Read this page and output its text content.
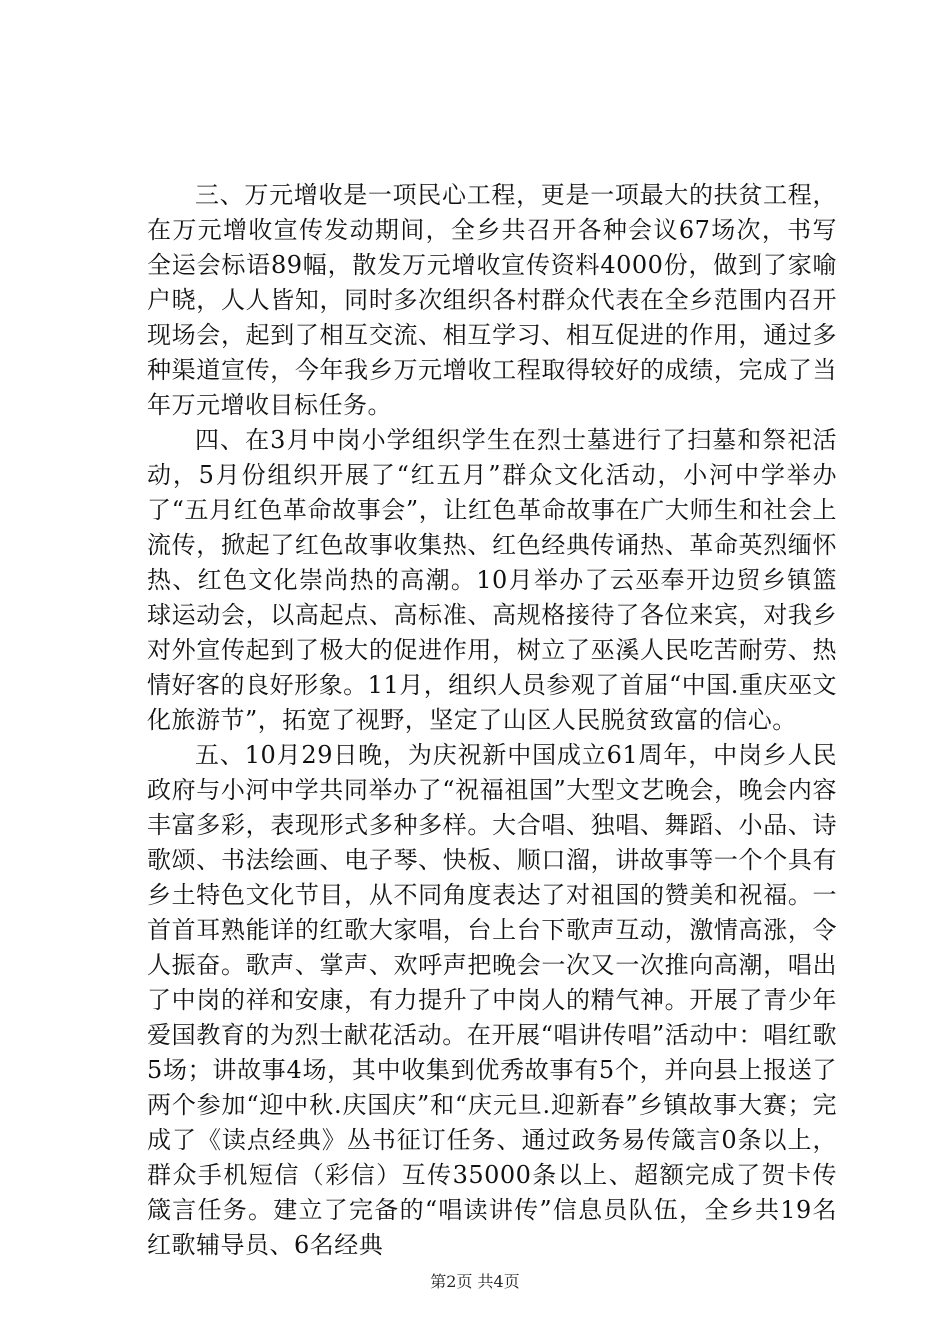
三、万元增收是一项民心工程，更是一项最大的扶贫工程，在万元增收宣传发动期间，全乡共召开各种会议67场次，书写全运会标语89幅，散发万元增收宣传资料4000份，做到了家喻户晓，人人皆知，同时多次组织各村群众代表在全乡范围内召开现场会，起到了相互交流、相互学习、相互促进的作用，通过多种渠道宣传，今年我乡万元增收工程取得较好的成绩，完成了当年万元增收目标任务。

四、在3月中岗小学组织学生在烈士墓进行了扫墓和祭祀活动，5月份组织开展了“红五月”群众文化活动，小河中学举办了“五月红色革命故事会”，让红色革命故事在广大师生和社会上流传，掀起了红色故事收集热、红色经典传诵热、革命英烈缅怀热、红色文化崇尚热的高潮。10月举办了云巫奉开边贸乡镇篮球运动会，以高起点、高标准、高规格接待了各位来宾，对我乡对外宣传起到了极大的促进作用，树立了巫溪人民吃苦耐劳、热情好客的良好形象。11月，组织人员参观了首届“中国.重庆巫文化旅游节”，拓宽了视野，坚定了山区人民脱贫致富的信心。

五、10月29日晚，为庆祝新中国成立61周年，中岗乡人民政府与小河中学共同举办了“祝福祖国”大型文艺晚会，晚会内容丰富多彩，表现形式多种多样。大合唱、独唱、舞蹈、小品、诗歌颂、书法绘画、电子琴、快板、顺口溜，讲故事等一个个具有乡土特色文化节目，从不同角度表达了对祖国的赞美和祝福。一首首耳熟能详的红歌大家唱，台上台下歌声互动，激情高涨，令人振奋。歌声、掌声、欢呼声把晚会一次又一次推向高潮，唱出了中岗的祥和安康，有力提升了中岗人的精气神。开展了青少年爱国教育的为烈士献花活动。在开展“唱讲传唱”活动中：唱红歌5场；讲故事4场，其中收集到优秀故事有5个，并向县上报送了两个参加“迎中秋.庆国庆”和“庆元旦.迎新春”乡镇故事大赛；完成了《读点经典》丛书征订任务、通过政务易传箴言0条以上，群众手机短信（彩信）互传35000条以上、超额完成了贺卡传箴言任务。建立了完备的“唱读讲传”信息员队伍，全乡共19名红歌辅导员、6名经典

第2页 共4页
